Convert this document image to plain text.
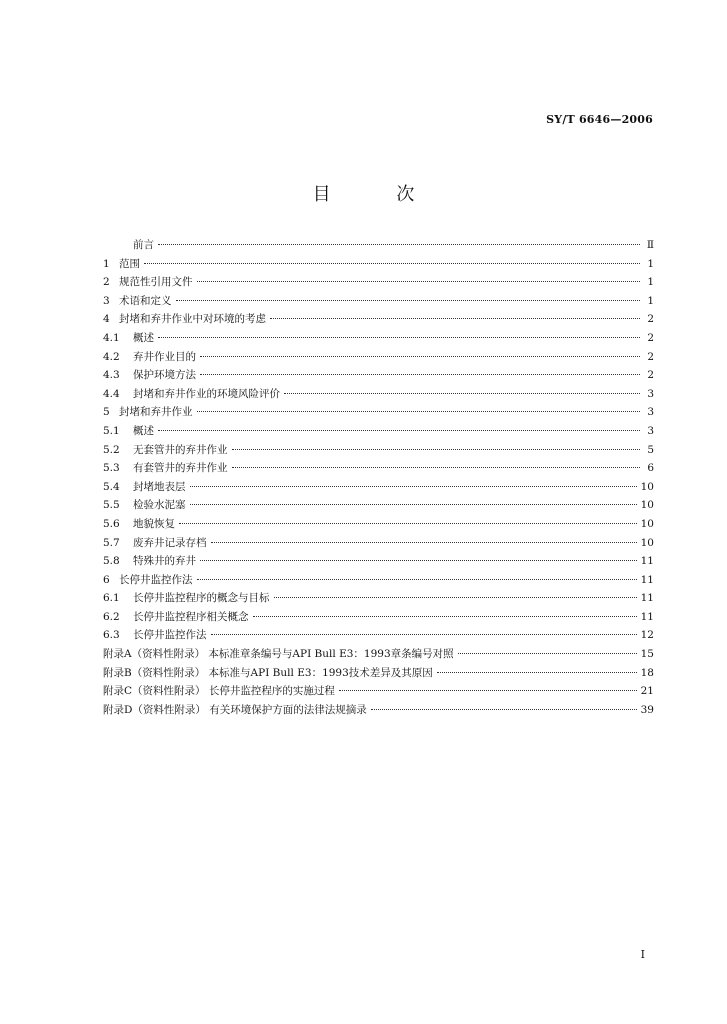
SY/T 6646—2006
目 次
前言	Ⅱ
1 范围	1
2 规范性引用文件	1
3 术语和定义	1
4 封堵和弃井作业中对环境的考虑	2
4.1	概述	2
4.2	弃井作业目的	2
4.3	保护环境方法	2
4.4	封堵和弃井作业的环境风险评价	3
5 封堵和弃井作业	3
5.1	概述	3
5.2	无套管井的弃井作业	5
5.3	有套管井的弃井作业	6
5.4	封堵地表层	10
5.5	检验水泥塞	10
5.6	地貌恢复	10
5.7	废弃井记录存档	10
5.8	特殊井的弃井	11
6 长停井监控作法	11
6.1	长停井监控程序的概念与目标	11
6.2	长停井监控程序相关概念	11
6.3	长停井监控作法	12
附录A（资料性附录） 本标准章条编号与API Bull E3：1993章条编号对照	15
附录B（资料性附录） 本标准与API Bull E3：1993技术差异及其原因	18
附录C（资料性附录） 长停井监控程序的实施过程	21
附录D（资料性附录） 有关环境保护方面的法律法规摘录	39
I
